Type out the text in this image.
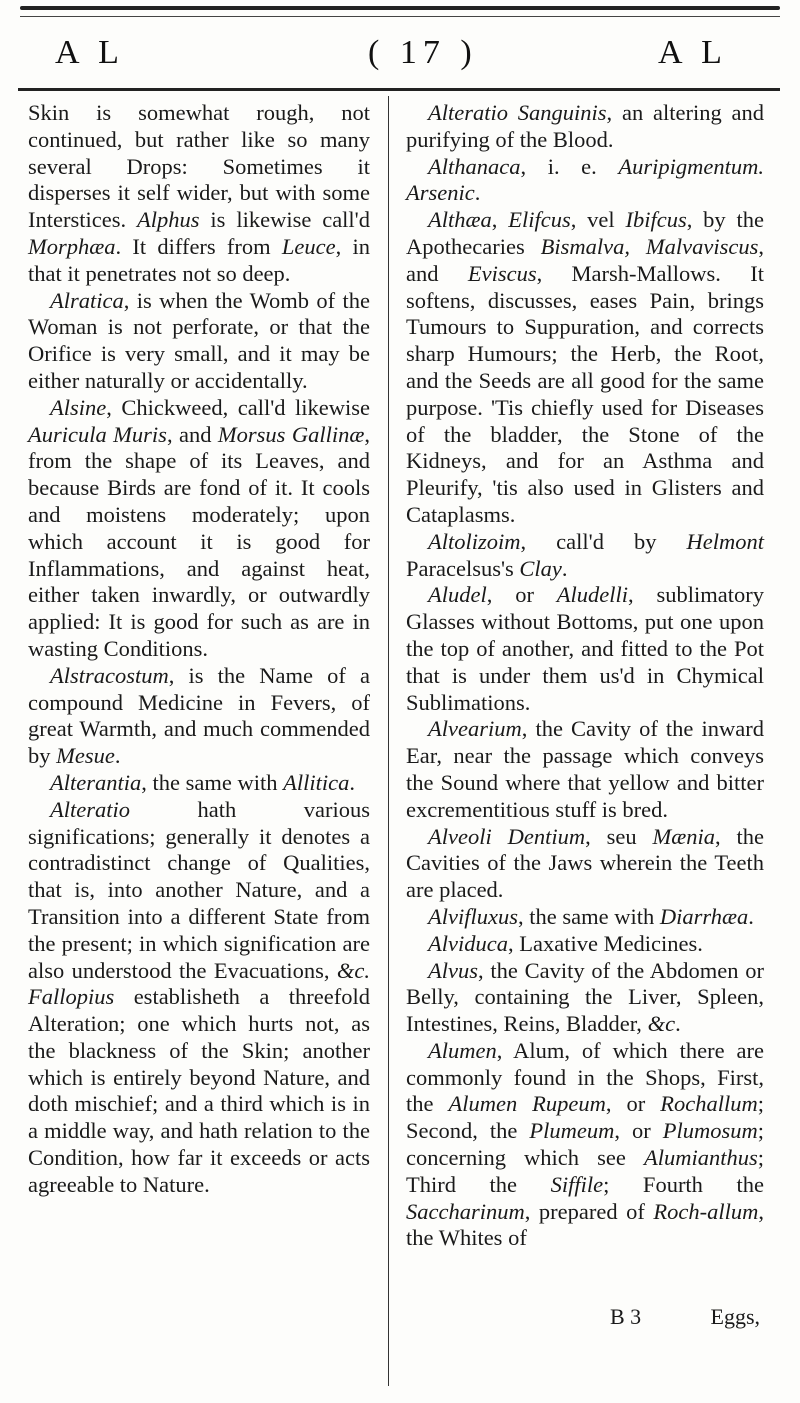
A L	( 17 )	A L

Skin is somewhat rough, not continued, but rather like so many several Drops: Sometimes it disperses it self wider, but with some Interstices. Alphus is likewise call'd Morphæa. It differs from Leuce, in that it penetrates not so deep.

Alratica, is when the Womb of the Woman is not perforate, or that the Orifice is very small, and it may be either naturally or accidentally.

Alsine, Chickweed, call'd likewise Auricula Muris, and Morsus Gallinæ, from the shape of its Leaves, and because Birds are fond of it. It cools and moistens moderately; upon which account it is good for Inflammations, and against heat, either taken inwardly, or outwardly applied: It is good for such as are in wasting Conditions.

Alstracostum, is the Name of a compound Medicine in Fevers, of great Warmth, and much commended by Mesue.

Alterantia, the same with Allitica.

Alteratio hath various significations; generally it denotes a contradistinct change of Qualities, that is, into another Nature, and a Transition into a different State from the present; in which signification are also understood the Evacuations, &c. Fallopius establisheth a threefold Alteration; one which hurts not, as the blackness of the Skin; another which is entirely beyond Nature, and doth mischief; and a third which is in a middle way, and hath relation to the Condition, how far it exceeds or acts agreeable to Nature.

Alteratio Sanguinis, an altering and purifying of the Blood.

Althanaca, i. e. Auripigmentum. Arsenic.

Althæa, Elifcus, vel Ibifcus, by the Apothecaries Bismalva, Malvaviscus, and Eviscus, Marsh-Mallows. It softens, discusses, eases Pain, brings Tumours to Suppuration, and corrects sharp Humours; the Herb, the Root, and the Seeds are all good for the same purpose. 'Tis chiefly used for Diseases of the bladder, the Stone of the Kidneys, and for an Asthma and Pleurify, 'tis also used in Glisters and Cataplasms.

Altolizoim, call'd by Helmont Paracelsus's Clay.

Aludel, or Aludelli, sublimatory Glasses without Bottoms, put one upon the top of another, and fitted to the Pot that is under them us'd in Chymical Sublimations.

Alvearium, the Cavity of the inward Ear, near the passage which conveys the Sound where that yellow and bitter excrementitious stuff is bred.

Alveoli Dentium, seu Mænia, the Cavities of the Jaws wherein the Teeth are placed.

Alvifluxus, the same with Diarrhæa.

Alviduca, Laxative Medicines.

Alvus, the Cavity of the Abdomen or Belly, containing the Liver, Spleen, Intestines, Reins, Bladder, &c.

Alumen, Alum, of which there are commonly found in the Shops, First, the Alumen Rupeum, or Rochallum; Second, the Plumeum, or Plumosum; concerning which see Alumianthus; Third the Siffile; Fourth the Saccharinum, prepared of Roch-allum, the Whites of

B 3	Eggs,
